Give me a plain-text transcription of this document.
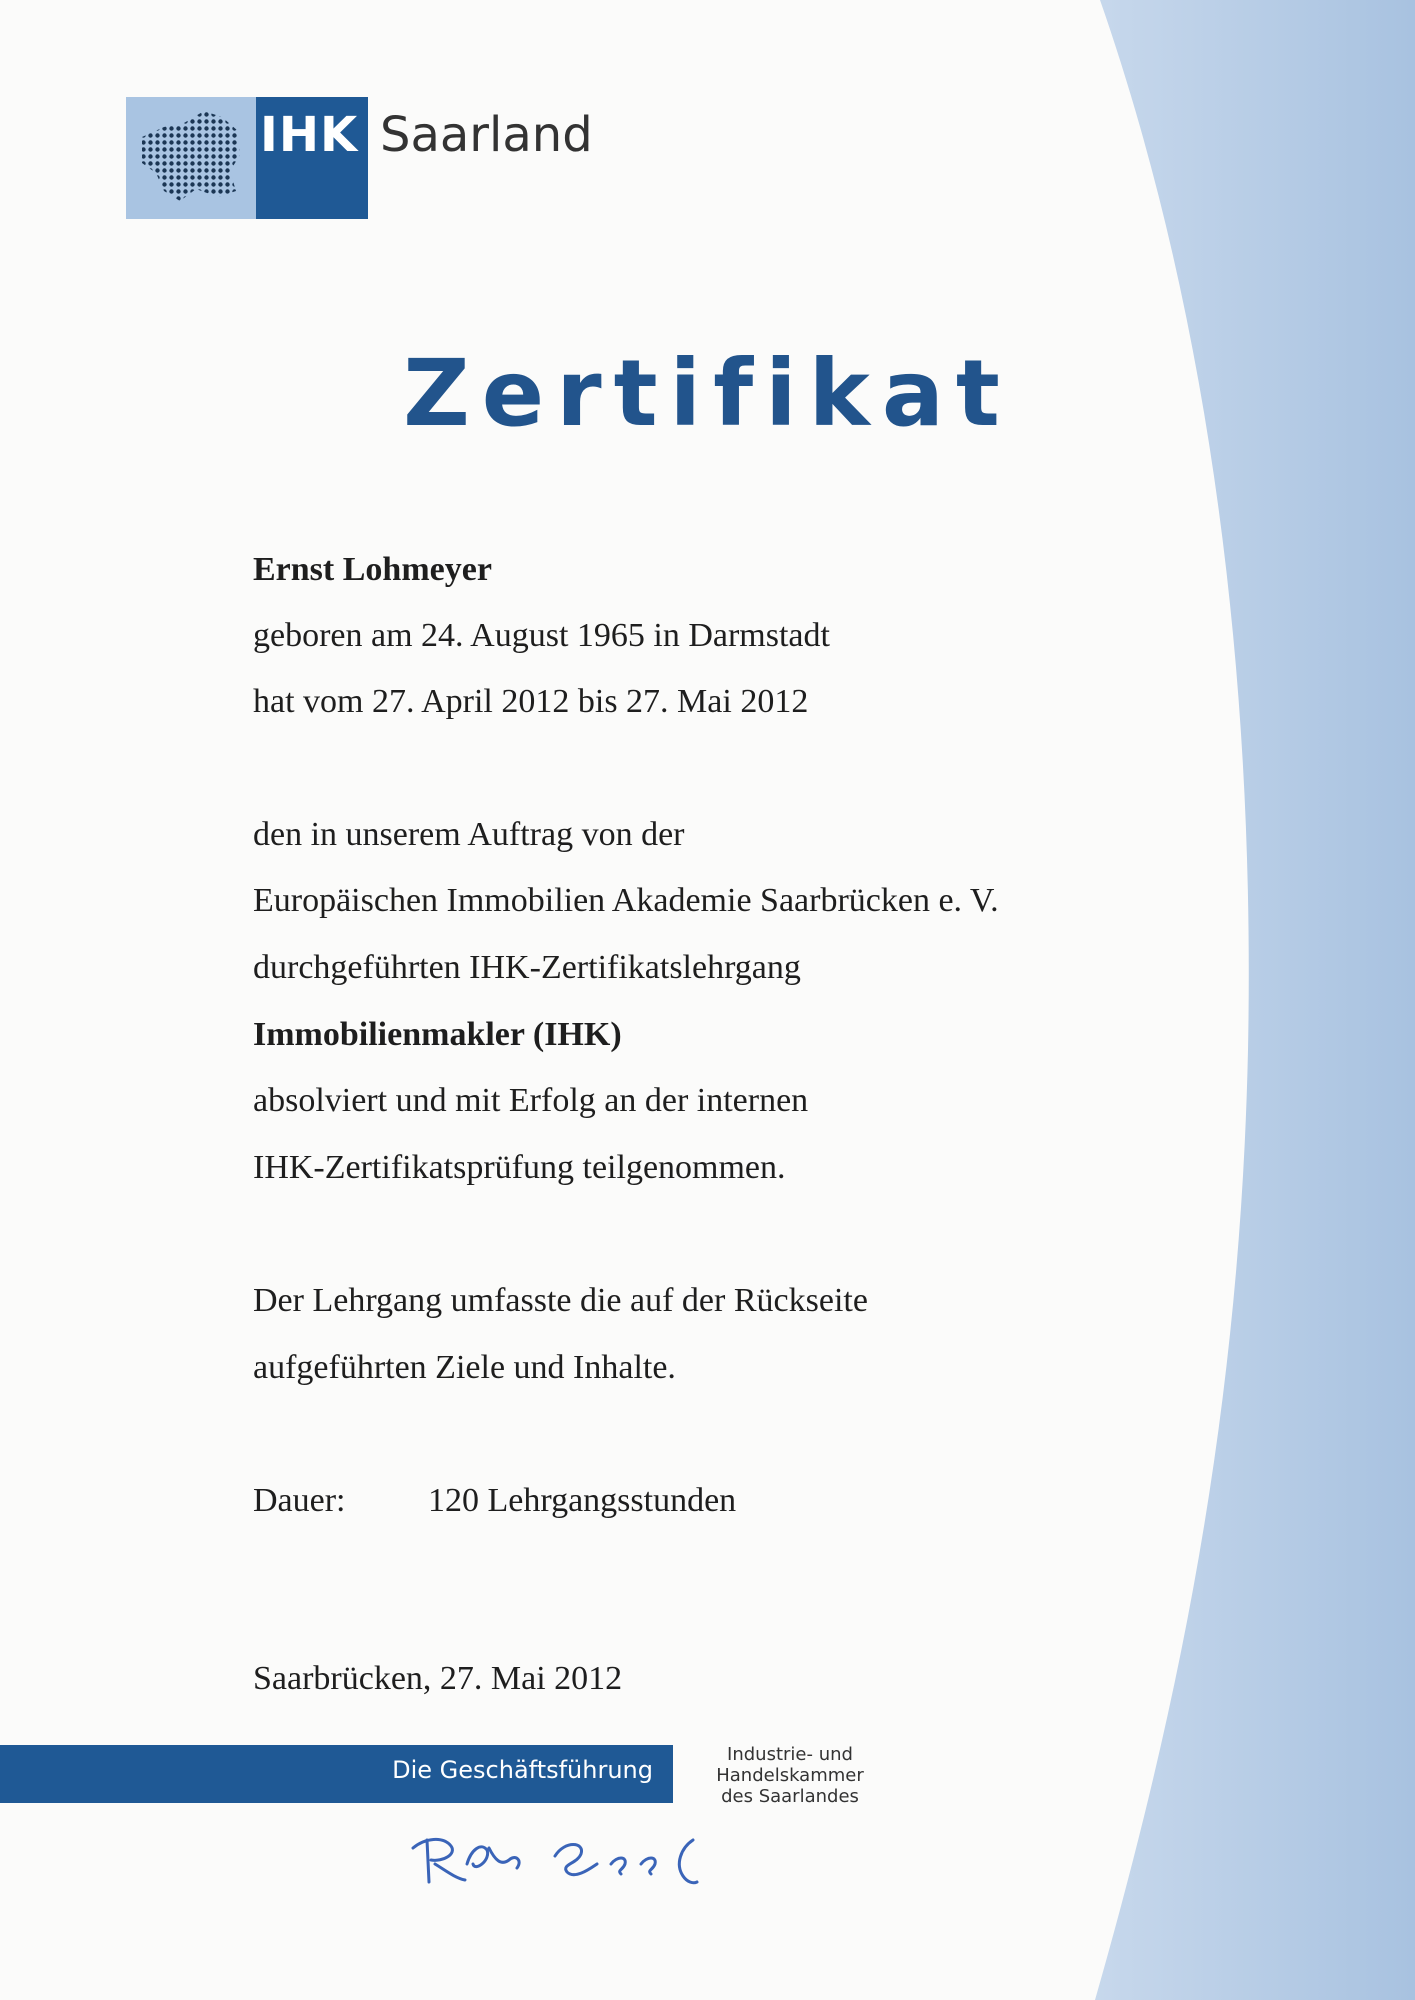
IHK Saarland
Zertifikat
Ernst Lohmeyer
geboren am 24. August 1965 in Darmstadt
hat vom 27. April 2012 bis 27. Mai 2012
den in unserem Auftrag von der
Europäischen Immobilien Akademie Saarbrücken e. V.
durchgeführten IHK-Zertifikatslehrgang
Immobilienmakler (IHK)
absolviert und mit Erfolg an der internen
IHK-Zertifikatsprüfung teilgenommen.
Der Lehrgang umfasste die auf der Rückseite
aufgeführten Ziele und Inhalte.
Dauer: 120 Lehrgangsstunden
Saarbrücken, 27. Mai 2012
Die Geschäftsführung
Industrie- und
Handelskammer
des Saarlandes
